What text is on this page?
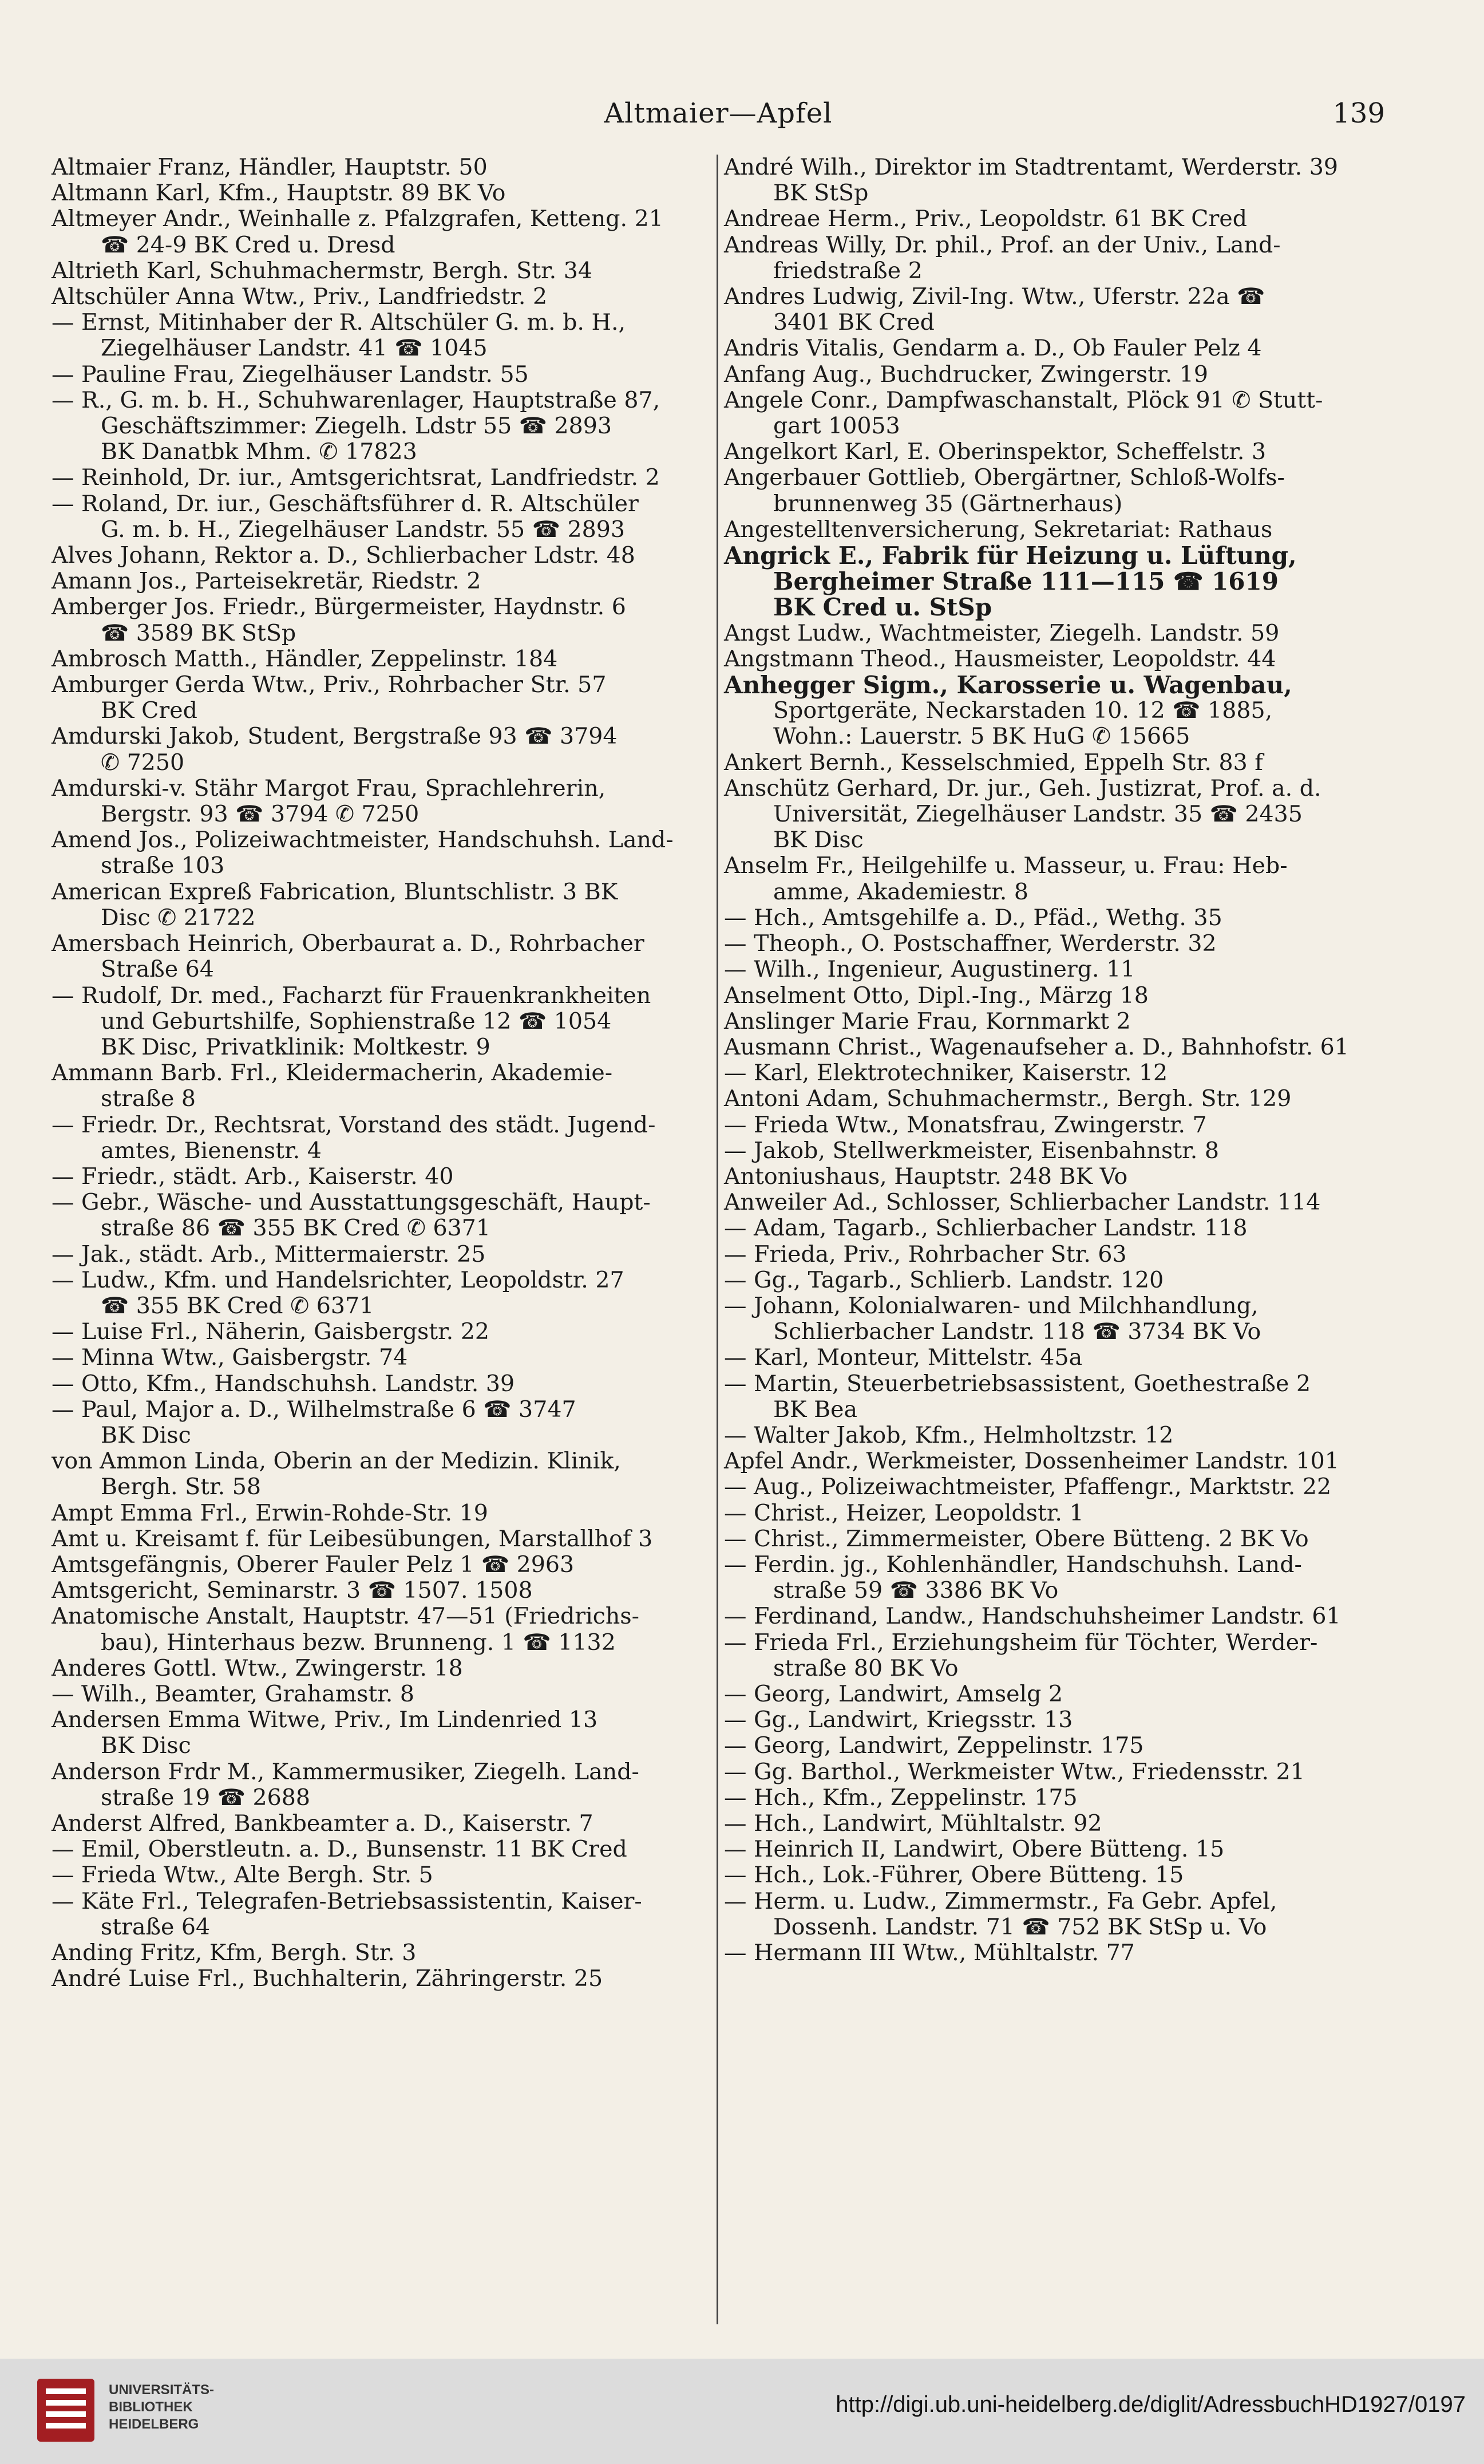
Altmaier—Apfel	139
Altmaier Franz, Händler, Hauptstr. 50
Altmann Karl, Kfm., Hauptstr. 89 BK Vo
Altmeyer Andr., Weinhalle z. Pfalzgrafen, Ketteng. 21
☎ 24-9 BK Cred u. Dresd
Altrieth Karl, Schuhmachermstr, Bergh. Str. 34
Altschüler Anna Wtw., Priv., Landfriedstr. 2
— Ernst, Mitinhaber der R. Altschüler G. m. b. H.,
Ziegelhäuser Landstr. 41 ☎ 1045
— Pauline Frau, Ziegelhäuser Landstr. 55
— R., G. m. b. H., Schuhwarenlager, Hauptstraße 87,
Geschäftszimmer: Ziegelh. Ldstr 55 ☎ 2893
BK Danatbk Mhm. ✆ 17823
— Reinhold, Dr. iur., Amtsgerichtsrat, Landfriedstr. 2
— Roland, Dr. iur., Geschäftsführer d. R. Altschüler
G. m. b. H., Ziegelhäuser Landstr. 55 ☎ 2893
Alves Johann, Rektor a. D., Schlierbacher Ldstr. 48
Amann Jos., Parteisekretär, Riedstr. 2
Amberger Jos. Friedr., Bürgermeister, Haydnstr. 6
☎ 3589 BK StSp
Ambrosch Matth., Händler, Zeppelinstr. 184
Amburger Gerda Wtw., Priv., Rohrbacher Str. 57
BK Cred
Amdurski Jakob, Student, Bergstraße 93 ☎ 3794
✆ 7250
Amdurski-v. Stähr Margot Frau, Sprachlehrerin,
Bergstr. 93 ☎ 3794 ✆ 7250
Amend Jos., Polizeiwachtmeister, Handschuhsh. Land-
straße 103
American Expreß Fabrication, Bluntschlistr. 3 BK
Disc ✆ 21722
Amersbach Heinrich, Oberbaurat a. D., Rohrbacher
Straße 64
— Rudolf, Dr. med., Facharzt für Frauenkrankheiten
und Geburtshilfe, Sophienstraße 12 ☎ 1054
BK Disc, Privatklinik: Moltkestr. 9
Ammann Barb. Frl., Kleidermacherin, Akademie-
straße 8
— Friedr. Dr., Rechtsrat, Vorstand des städt. Jugend-
amtes, Bienenstr. 4
— Friedr., städt. Arb., Kaiserstr. 40
— Gebr., Wäsche- und Ausstattungsgeschäft, Haupt-
straße 86 ☎ 355 BK Cred ✆ 6371
— Jak., städt. Arb., Mittermaierstr. 25
— Ludw., Kfm. und Handelsrichter, Leopoldstr. 27
☎ 355 BK Cred ✆ 6371
— Luise Frl., Näherin, Gaisbergstr. 22
— Minna Wtw., Gaisbergstr. 74
— Otto, Kfm., Handschuhsh. Landstr. 39
— Paul, Major a. D., Wilhelmstraße 6 ☎ 3747
BK Disc
von Ammon Linda, Oberin an der Medizin. Klinik,
Bergh. Str. 58
Ampt Emma Frl., Erwin-Rohde-Str. 19
Amt u. Kreisamt f. für Leibesübungen, Marstallhof 3
Amtsgefängnis, Oberer Fauler Pelz 1 ☎ 2963
Amtsgericht, Seminarstr. 3 ☎ 1507. 1508
Anatomische Anstalt, Hauptstr. 47—51 (Friedrichs-
bau), Hinterhaus bezw. Brunneng. 1 ☎ 1132
Anderes Gottl. Wtw., Zwingerstr. 18
— Wilh., Beamter, Grahamstr. 8
Andersen Emma Witwe, Priv., Im Lindenried 13
BK Disc
Anderson Frdr M., Kammermusiker, Ziegelh. Land-
straße 19 ☎ 2688
Anderst Alfred, Bankbeamter a. D., Kaiserstr. 7
— Emil, Oberstleutn. a. D., Bunsenstr. 11 BK Cred
— Frieda Wtw., Alte Bergh. Str. 5
— Käte Frl., Telegrafen-Betriebsassistentin, Kaiser-
straße 64
Anding Fritz, Kfm, Bergh. Str. 3
André Luise Frl., Buchhalterin, Zähringerstr. 25
André Wilh., Direktor im Stadtrentamt, Werderstr. 39
BK StSp
Andreae Herm., Priv., Leopoldstr. 61 BK Cred
Andreas Willy, Dr. phil., Prof. an der Univ., Land-
friedstraße 2
Andres Ludwig, Zivil-Ing. Wtw., Uferstr. 22a ☎
3401 BK Cred
Andris Vitalis, Gendarm a. D., Ob Fauler Pelz 4
Anfang Aug., Buchdrucker, Zwingerstr. 19
Angele Conr., Dampfwaschanstalt, Plöck 91 ✆ Stutt-
gart 10053
Angelkort Karl, E. Oberinspektor, Scheffelstr. 3
Angerbauer Gottlieb, Obergärtner, Schloß-Wolfs-
brunnenweg 35 (Gärtnerhaus)
Angestelltenversicherung, Sekretariat: Rathaus
Angrick E., Fabrik für Heizung u. Lüftung,
Bergheimer Straße 111—115 ☎ 1619
BK Cred u. StSp
Angst Ludw., Wachtmeister, Ziegelh. Landstr. 59
Angstmann Theod., Hausmeister, Leopoldstr. 44
Anhegger Sigm., Karosserie u. Wagenbau,
Sportgeräte, Neckarstaden 10. 12 ☎ 1885,
Wohn.: Lauerstr. 5 BK HuG ✆ 15665
Ankert Bernh., Kesselschmied, Eppelh Str. 83 f
Anschütz Gerhard, Dr. jur., Geh. Justizrat, Prof. a. d.
Universität, Ziegelhäuser Landstr. 35 ☎ 2435
BK Disc
Anselm Fr., Heilgehilfe u. Masseur, u. Frau: Heb-
amme, Akademiestr. 8
— Hch., Amtsgehilfe a. D., Pfäd., Wethg. 35
— Theoph., O. Postschaffner, Werderstr. 32
— Wilh., Ingenieur, Augustinerg. 11
Anselment Otto, Dipl.-Ing., Märzg 18
Anslinger Marie Frau, Kornmarkt 2
Ausmann Christ., Wagenaufseher a. D., Bahnhofstr. 61
— Karl, Elektrotechniker, Kaiserstr. 12
Antoni Adam, Schuhmachermstr., Bergh. Str. 129
— Frieda Wtw., Monatsfrau, Zwingerstr. 7
— Jakob, Stellwerkmeister, Eisenbahnstr. 8
Antoniushaus, Hauptstr. 248 BK Vo
Anweiler Ad., Schlosser, Schlierbacher Landstr. 114
— Adam, Tagarb., Schlierbacher Landstr. 118
— Frieda, Priv., Rohrbacher Str. 63
— Gg., Tagarb., Schlierb. Landstr. 120
— Johann, Kolonialwaren- und Milchhandlung,
Schlierbacher Landstr. 118 ☎ 3734 BK Vo
— Karl, Monteur, Mittelstr. 45a
— Martin, Steuerbetriebsassistent, Goethestraße 2
BK Bea
— Walter Jakob, Kfm., Helmholtzstr. 12
Apfel Andr., Werkmeister, Dossenheimer Landstr. 101
— Aug., Polizeiwachtmeister, Pfaffengr., Marktstr. 22
— Christ., Heizer, Leopoldstr. 1
— Christ., Zimmermeister, Obere Bütteng. 2 BK Vo
— Ferdin. jg., Kohlenhändler, Handschuhsh. Land-
straße 59 ☎ 3386 BK Vo
— Ferdinand, Landw., Handschuhsheimer Landstr. 61
— Frieda Frl., Erziehungsheim für Töchter, Werder-
straße 80 BK Vo
— Georg, Landwirt, Amselg 2
— Gg., Landwirt, Kriegsstr. 13
— Georg, Landwirt, Zeppelinstr. 175
— Gg. Barthol., Werkmeister Wtw., Friedensstr. 21
— Hch., Kfm., Zeppelinstr. 175
— Hch., Landwirt, Mühltalstr. 92
— Heinrich II, Landwirt, Obere Bütteng. 15
— Hch., Lok.-Führer, Obere Bütteng. 15
— Herm. u. Ludw., Zimmermstr., Fa Gebr. Apfel,
Dossenh. Landstr. 71 ☎ 752 BK StSp u. Vo
— Hermann III Wtw., Mühltalstr. 77
UNIVERSITÄTS-
BIBLIOTHEK
HEIDELBERG
http://digi.ub.uni-heidelberg.de/diglit/AdressbuchHD1927/0197
